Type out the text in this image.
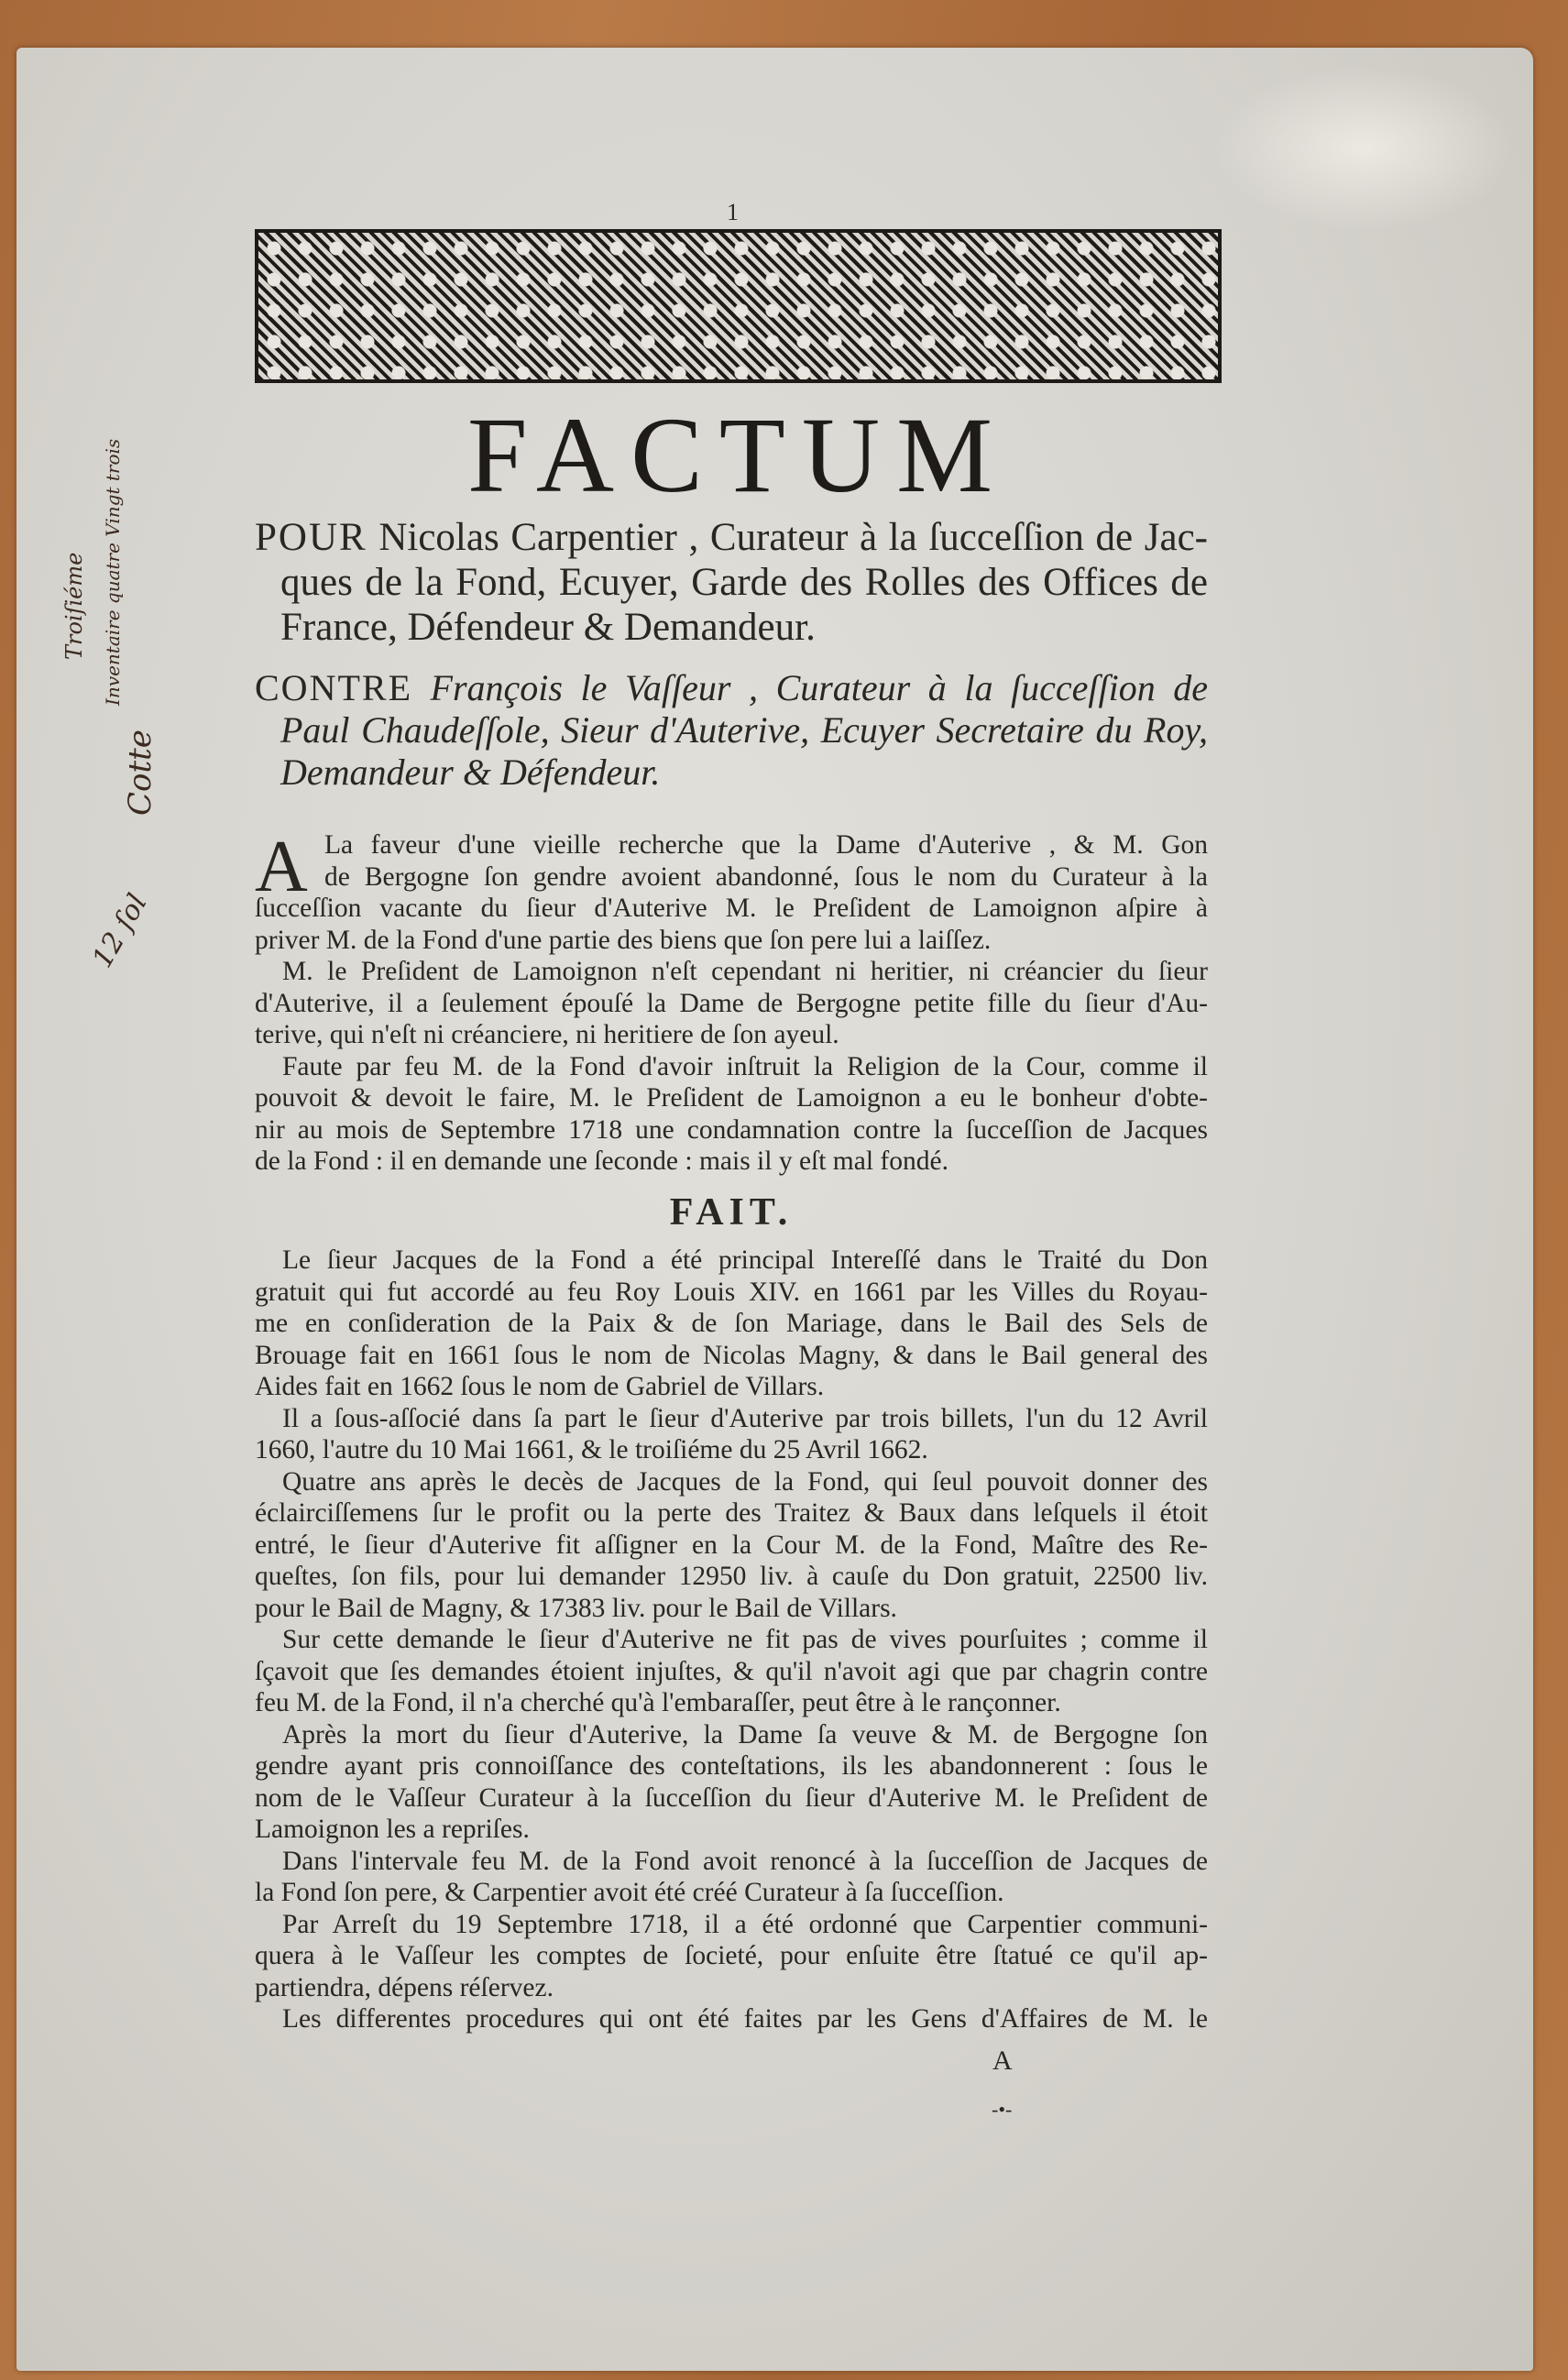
1
FACTUM
POUR Nicolas Carpentier , Curateur à la ſucceſſion de Jac-
ques de la Fond, Ecuyer, Garde des Rolles des Offices de
France, Défendeur & Demandeur.
CONTRE François le Vaſſeur , Curateur à la ſucceſſion de
Paul Chaudeſſole, Sieur d'Auterive, Ecuyer Secretaire du Roy,
Demandeur & Défendeur.
A La faveur d'une vieille recherche que la Dame d'Auterive , & M. Gon
de Bergogne ſon gendre avoient abandonné, ſous le nom du Curateur à la
ſucceſſion vacante du ſieur d'Auterive M. le Preſident de Lamoignon aſpire à
priver M. de la Fond d'une partie des biens que ſon pere lui a laiſſez.
M. le Preſident de Lamoignon n'eſt cependant ni heritier, ni créancier du ſieur
d'Auterive, il a ſeulement épouſé la Dame de Bergogne petite fille du ſieur d'Au-
terive, qui n'eſt ni créanciere, ni heritiere de ſon ayeul.
Faute par feu M. de la Fond d'avoir inſtruit la Religion de la Cour, comme il
pouvoit & devoit le faire, M. le Preſident de Lamoignon a eu le bonheur d'obte-
nir au mois de Septembre 1718 une condamnation contre la ſucceſſion de Jacques
de la Fond : il en demande une ſeconde : mais il y eſt mal fondé.
FAIT.
Le ſieur Jacques de la Fond a été principal Intereſſé dans le Traité du Don
gratuit qui fut accordé au feu Roy Louis XIV. en 1661 par les Villes du Royau-
me en conſideration de la Paix & de ſon Mariage, dans le Bail des Sels de
Brouage fait en 1661 ſous le nom de Nicolas Magny, & dans le Bail general des
Aides fait en 1662 ſous le nom de Gabriel de Villars.
Il a ſous-aſſocié dans ſa part le ſieur d'Auterive par trois billets, l'un du 12 Avril
1660, l'autre du 10 Mai 1661, & le troiſiéme du 25 Avril 1662.
Quatre ans après le decès de Jacques de la Fond, qui ſeul pouvoit donner des
éclairciſſemens ſur le profit ou la perte des Traitez & Baux dans leſquels il étoit
entré, le ſieur d'Auterive fit aſſigner en la Cour M. de la Fond, Maître des Re-
queſtes, ſon fils, pour lui demander 12950 liv. à cauſe du Don gratuit, 22500 liv.
pour le Bail de Magny, & 17383 liv. pour le Bail de Villars.
Sur cette demande le ſieur d'Auterive ne fit pas de vives pourſuites ; comme il
ſçavoit que ſes demandes étoient injuſtes, & qu'il n'avoit agi que par chagrin contre
feu M. de la Fond, il n'a cherché qu'à l'embaraſſer, peut être à le rançonner.
Après la mort du ſieur d'Auterive, la Dame ſa veuve & M. de Bergogne ſon
gendre ayant pris connoiſſance des conteſtations, ils les abandonnerent : ſous le
nom de le Vaſſeur Curateur à la ſucceſſion du ſieur d'Auterive M. le Preſident de
Lamoignon les a repriſes.
Dans l'intervale feu M. de la Fond avoit renoncé à la ſucceſſion de Jacques de
la Fond ſon pere, & Carpentier avoit été créé Curateur à ſa ſucceſſion.
Par Arreſt du 19 Septembre 1718, il a été ordonné que Carpentier communi-
quera à le Vaſſeur les comptes de ſocieté, pour enſuite être ſtatué ce qu'il ap-
partiendra, dépens réſervez.
Les differentes procedures qui ont été faites par les Gens d'Affaires de M. le
A
-•-
Troiſiéme Inventaire quatre Vingt trois
Cotte
12 ſol
